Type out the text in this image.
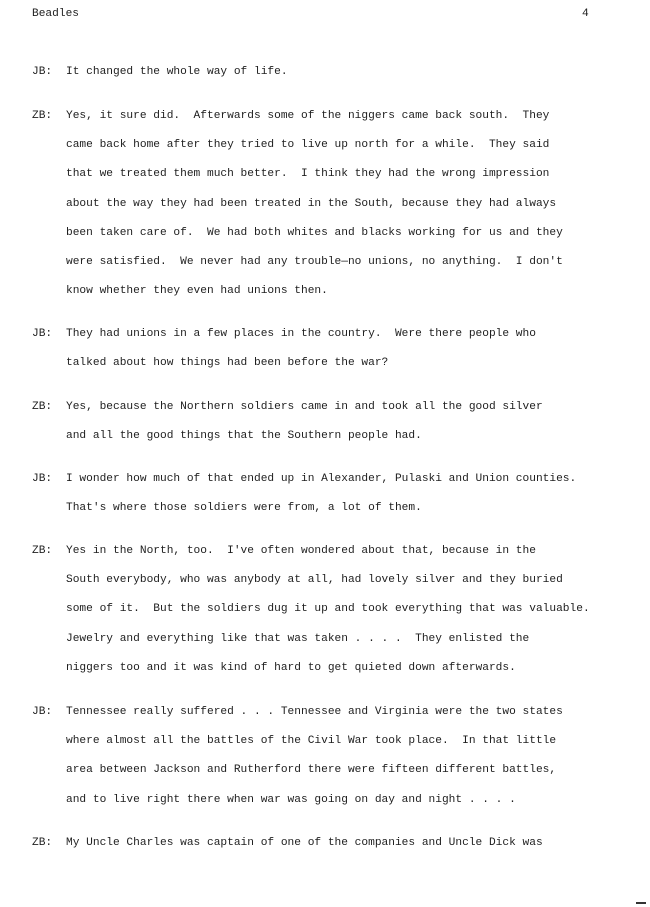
Beadles	4
JB: It changed the whole way of life.
ZB: Yes, it sure did.  Afterwards some of the niggers came back south.  They
came back home after they tried to live up north for a while.  They said
that we treated them much better.  I think they had the wrong impression
about the way they had been treated in the South, because they had always
been taken care of.  We had both whites and blacks working for us and they
were satisfied.  We never had any trouble—no unions, no anything.  I don't
know whether they even had unions then.
JB: They had unions in a few places in the country.  Were there people who
talked about how things had been before the war?
ZB: Yes, because the Northern soldiers came in and took all the good silver
and all the good things that the Southern people had.
JB: I wonder how much of that ended up in Alexander, Pulaski and Union counties.
That's where those soldiers were from, a lot of them.
ZB: Yes in the North, too.  I've often wondered about that, because in the
South everybody, who was anybody at all, had lovely silver and they buried
some of it.  But the soldiers dug it up and took everything that was valuable.
Jewelry and everything like that was taken . . . .  They enlisted the
niggers too and it was kind of hard to get quieted down afterwards.
JB: Tennessee really suffered . . . Tennessee and Virginia were the two states
where almost all the battles of the Civil War took place.  In that little
area between Jackson and Rutherford there were fifteen different battles,
and to live right there when war was going on day and night . . . .
ZB: My Uncle Charles was captain of one of the companies and Uncle Dick was
